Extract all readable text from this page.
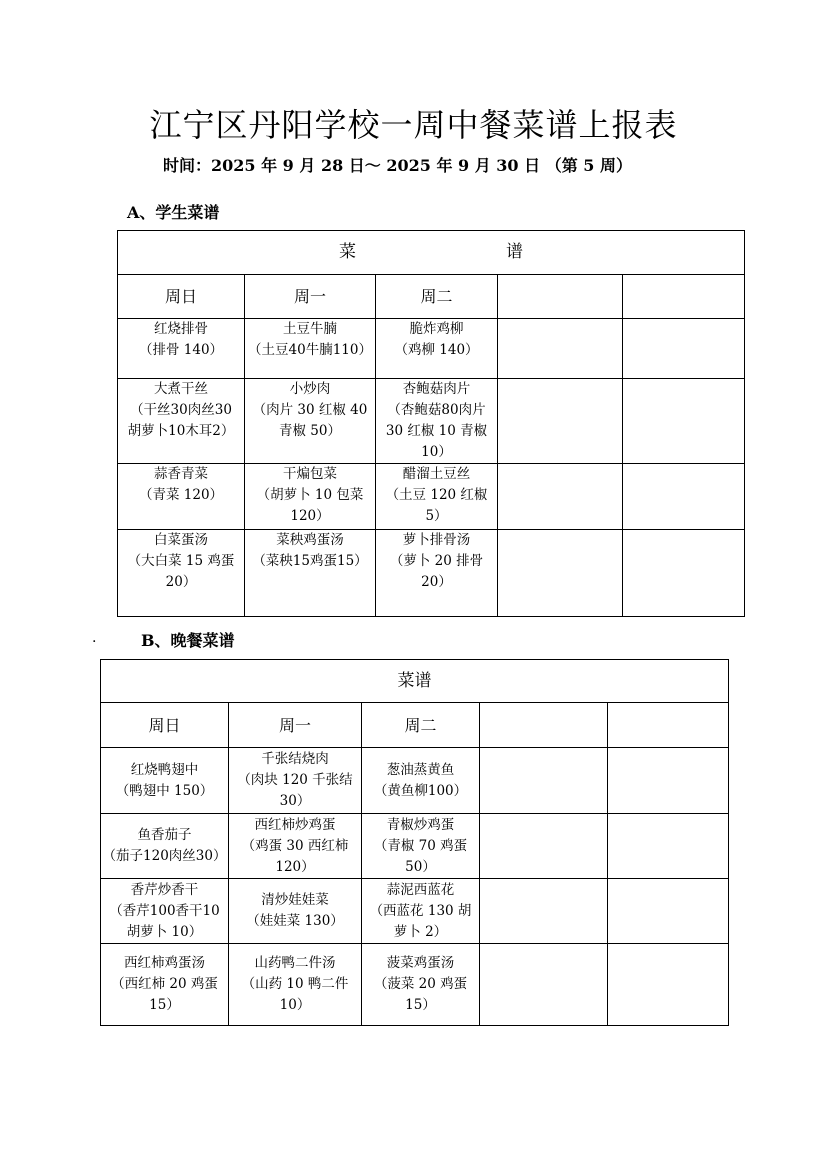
江宁区丹阳学校一周中餐菜谱上报表
时间：2025 年 9 月 28 日～ 2025 年 9 月 30 日 （第 5 周）
A、学生菜谱
菜 谱				
周日	周一	周二		

红烧排骨
（排骨 140）	土豆牛腩
（土豆40牛腩110）	脆炸鸡柳
（鸡柳 140）		

大煮干丝
（干丝30肉丝30
胡萝卜10木耳2）	小炒肉
（肉片 30 红椒 40
青椒 50）	杏鲍菇肉片
（杏鲍菇80肉片
30 红椒 10 青椒
10）		

蒜香青菜
（青菜 120）	干煸包菜
（胡萝卜 10 包菜
120）	醋溜土豆丝
（土豆 120 红椒
5）		

白菜蛋汤
（大白菜 15 鸡蛋
20）	菜秧鸡蛋汤
（菜秧15鸡蛋15）	萝卜排骨汤
（萝卜 20 排骨
20）		

.	B、晚餐菜谱
菜谱				
周日	周一	周二		

红烧鸭翅中
（鸭翅中 150）	千张结烧肉
（肉块 120 千张结
30）	葱油蒸黄鱼
（黄鱼柳100）		

鱼香茄子
（茄子120肉丝30）	西红柿炒鸡蛋
（鸡蛋 30 西红柿
120）	青椒炒鸡蛋
（青椒 70 鸡蛋
50）		

香芹炒香干
（香芹100香干10
胡萝卜 10）	清炒娃娃菜
（娃娃菜 130）	蒜泥西蓝花
（西蓝花 130 胡
萝卜 2）		

西红柿鸡蛋汤
（西红柿 20 鸡蛋
15）	山药鸭二件汤
（山药 10 鸭二件
10）	菠菜鸡蛋汤
（菠菜 20 鸡蛋
15）		
